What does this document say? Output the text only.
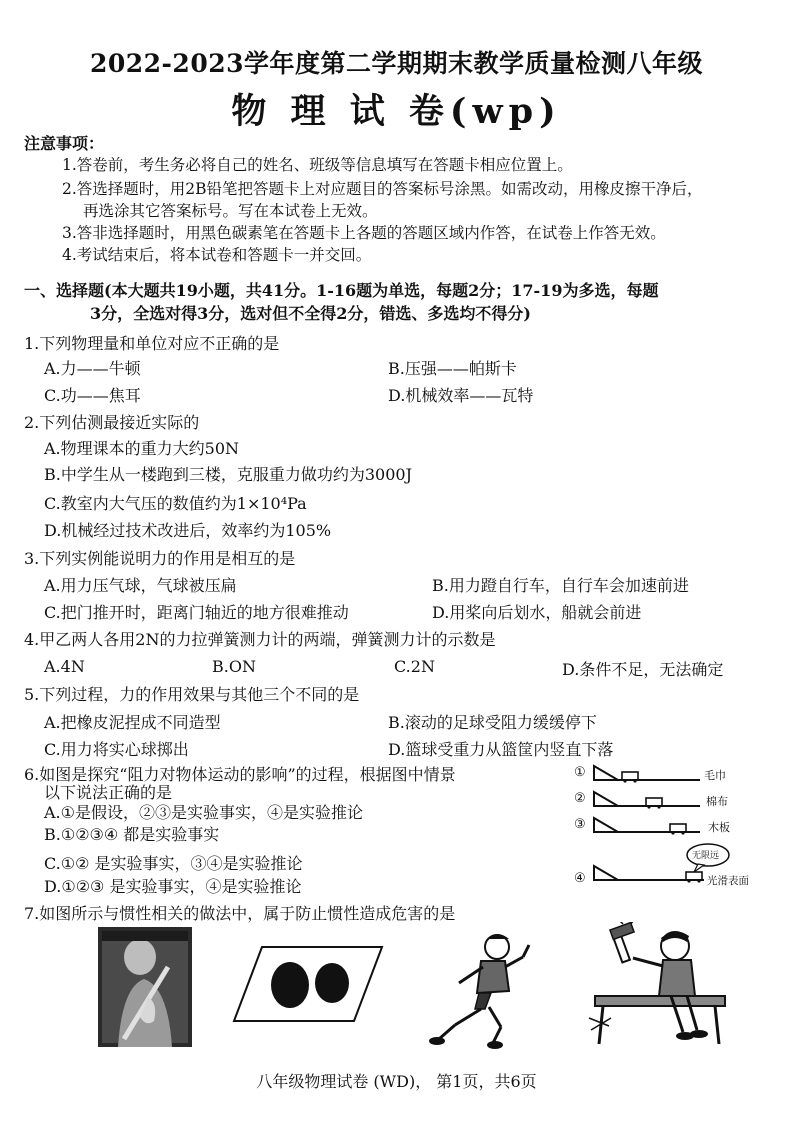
2022-2023学年度第二学期期末教学质量检测八年级
物 理 试 卷(wp)
注意事项：
1.答卷前，考生务必将自己的姓名、班级等信息填写在答题卡相应位置上。
2.答选择题时，用2B铅笔把答题卡上对应题目的答案标号涂黑。如需改动，用橡皮擦干净后，
再选涂其它答案标号。写在本试卷上无效。
3.答非选择题时，用黑色碳素笔在答题卡上各题的答题区域内作答，在试卷上作答无效。
4.考试结束后，将本试卷和答题卡一并交回。
一、选择题(本大题共19小题，共41分。1-16题为单选，每题2分；17-19为多选，每题
3分，全选对得3分，选对但不全得2分，错选、多选均不得分)
1.下列物理量和单位对应不正确的是
A.力——牛顿	B.压强——帕斯卡
C.功——焦耳	D.机械效率——瓦特
2.下列估测最接近实际的
A.物理课本的重力大约50N
B.中学生从一楼跑到三楼，克服重力做功约为3000J
C.教室内大气压的数值约为1×10⁴Pa
D.机械经过技术改进后，效率约为105%
3.下列实例能说明力的作用是相互的是
A.用力压气球，气球被压扁	B.用力蹬自行车，自行车会加速前进
C.把门推开时，距离门轴近的地方很难推动	D.用桨向后划水，船就会前进
4.甲乙两人各用2N的力拉弹簧测力计的两端，弹簧测力计的示数是
A.4N	B.ON	C.2N	D.条件不足，无法确定
5.下列过程，力的作用效果与其他三个不同的是
A.把橡皮泥捏成不同造型	B.滚动的足球受阻力缓缓停下
C.用力将实心球掷出	D.篮球受重力从篮筐内竖直下落
6.如图是探究“阻力对物体运动的影响”的过程，根据图中情景
以下说法正确的是
A.①是假设，②③是实验事实，④是实验推论
B.①②③④ 都是实验事实
C.①② 是实验事实，③④是实验推论
D.①②③ 是实验事实，④是实验推论
①	毛巾
②	棉布
③	木板
④	光滑表面
无限远
7.如图所示与惯性相关的做法中，属于防止惯性造成危害的是
八年级物理试卷 (WD)， 第1页，共6页
